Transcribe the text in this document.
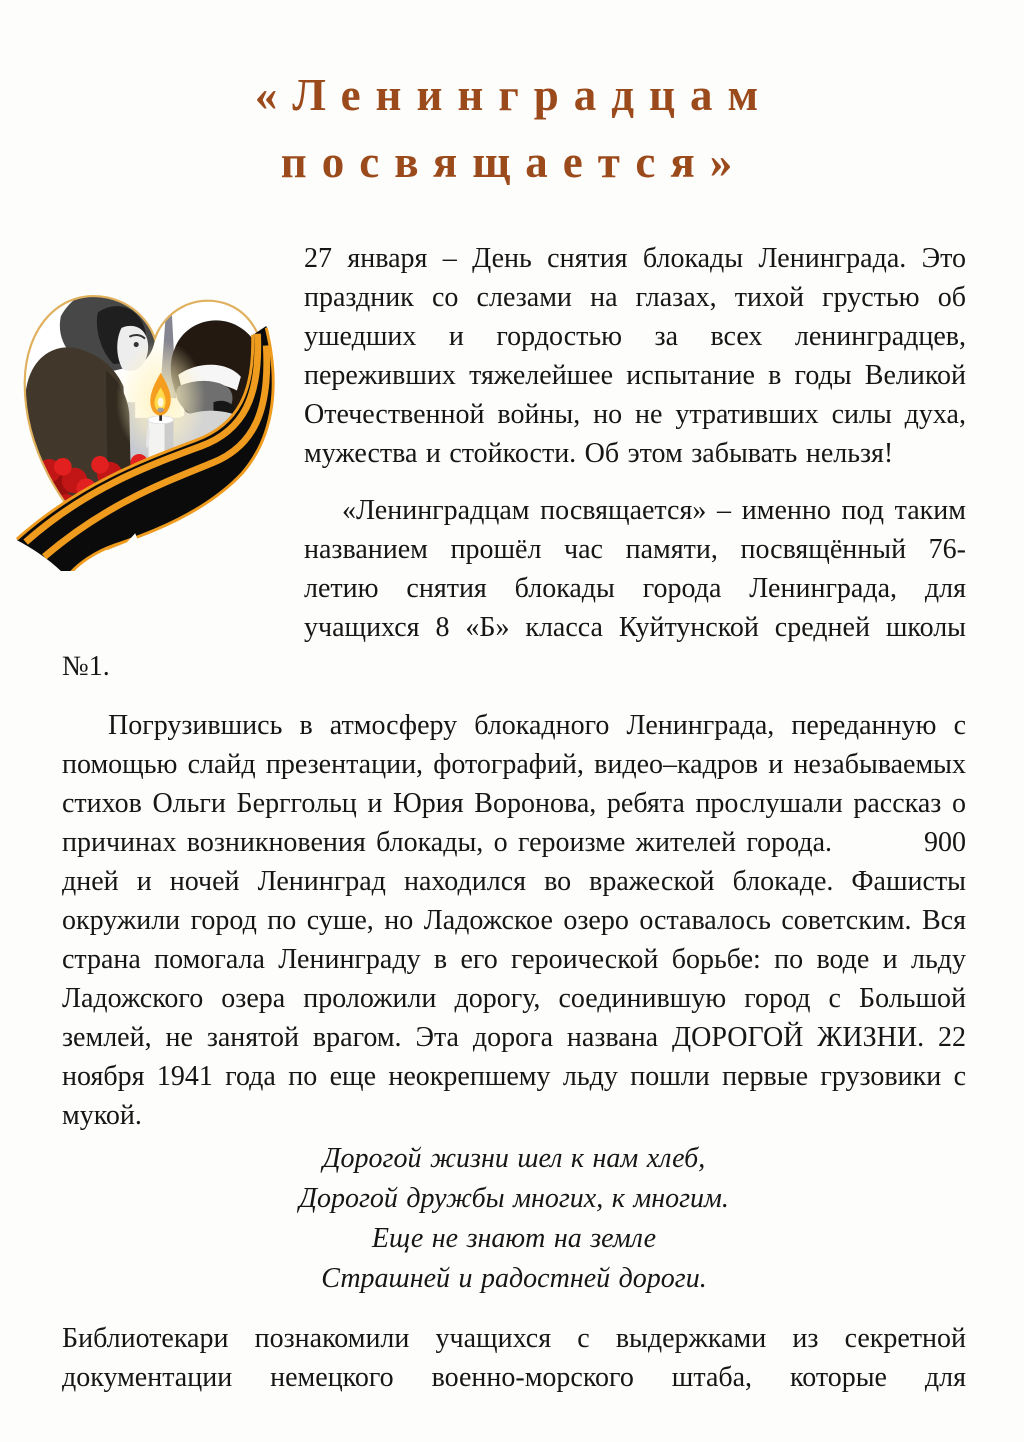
«Ленинградцам
посвящается»

27 января – День снятия блокады Ленинграда. Это праздник со слезами на глазах, тихой грустью об ушедших и гордостью за всех ленинградцев, переживших тяжелейшее испытание в годы Великой Отечественной войны, но не утративших силы духа, мужества и стойкости. Об этом забывать нельзя!

«Ленинградцам посвящается» – именно под таким названием прошёл час памяти, посвящённый 76-летию снятия блокады города Ленинграда, для учащихся 8 «Б» класса Куйтунской средней школы №1.

Погрузившись в атмосферу блокадного Ленинграда, переданную с помощью слайд презентации, фотографий, видео–кадров и незабываемых стихов Ольги Берггольц и Юрия Воронова, ребята прослушали рассказ о причинах возникновения блокады, о героизме жителей города.	900 дней и ночей Ленинград находился во вражеской блокаде. Фашисты окружили город по суше, но Ладожское озеро оставалось советским. Вся страна помогала Ленинграду в его героической борьбе: по воде и льду Ладожского озера проложили дорогу, соединившую город с Большой землей, не занятой врагом. Эта дорога названа ДОРОГОЙ ЖИЗНИ. 22 ноября 1941 года по еще неокрепшему льду пошли первые грузовики с мукой.

Дорогой жизни шел к нам хлеб,
Дорогой дружбы многих, к многим.
Еще не знают на земле
Страшней и радостней дороги.

Библиотекари познакомили учащихся с выдержками из секретной документации немецкого военно-морского штаба, которые для
